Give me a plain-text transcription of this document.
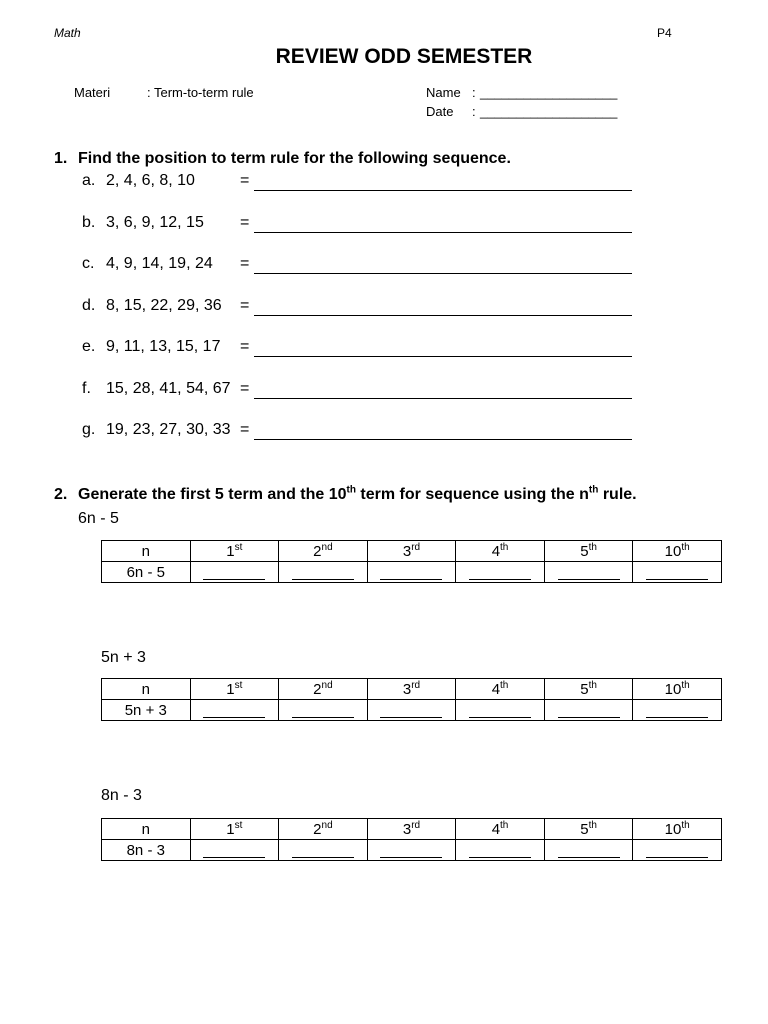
Math	P4
REVIEW ODD SEMESTER
Materi	: Term-to-term rule	Name : ___________________
Date : ___________________
1. Find the position to term rule for the following sequence.
a. 2, 4, 6, 8, 10	=
b. 3, 6, 9, 12, 15 =
c. 4, 9, 14, 19, 24 =
d. 8, 15, 22, 29, 36 =
e. 9, 11, 13, 15, 17 =
f. 15, 28, 41, 54, 67 =
g. 19, 23, 27, 30, 33 =
2. Generate the first 5 term and the 10th term for sequence using the $n^{th}$ rule.
6n - 5
n	1st	2nd	3rd	4th	5th	10th
6n - 5						
5n + 3
n	1st	2nd	3rd	4th	5th	10th
5n + 3						
8n - 3
n	1st	2nd	3rd	4th	5th	10th
8n - 3						
